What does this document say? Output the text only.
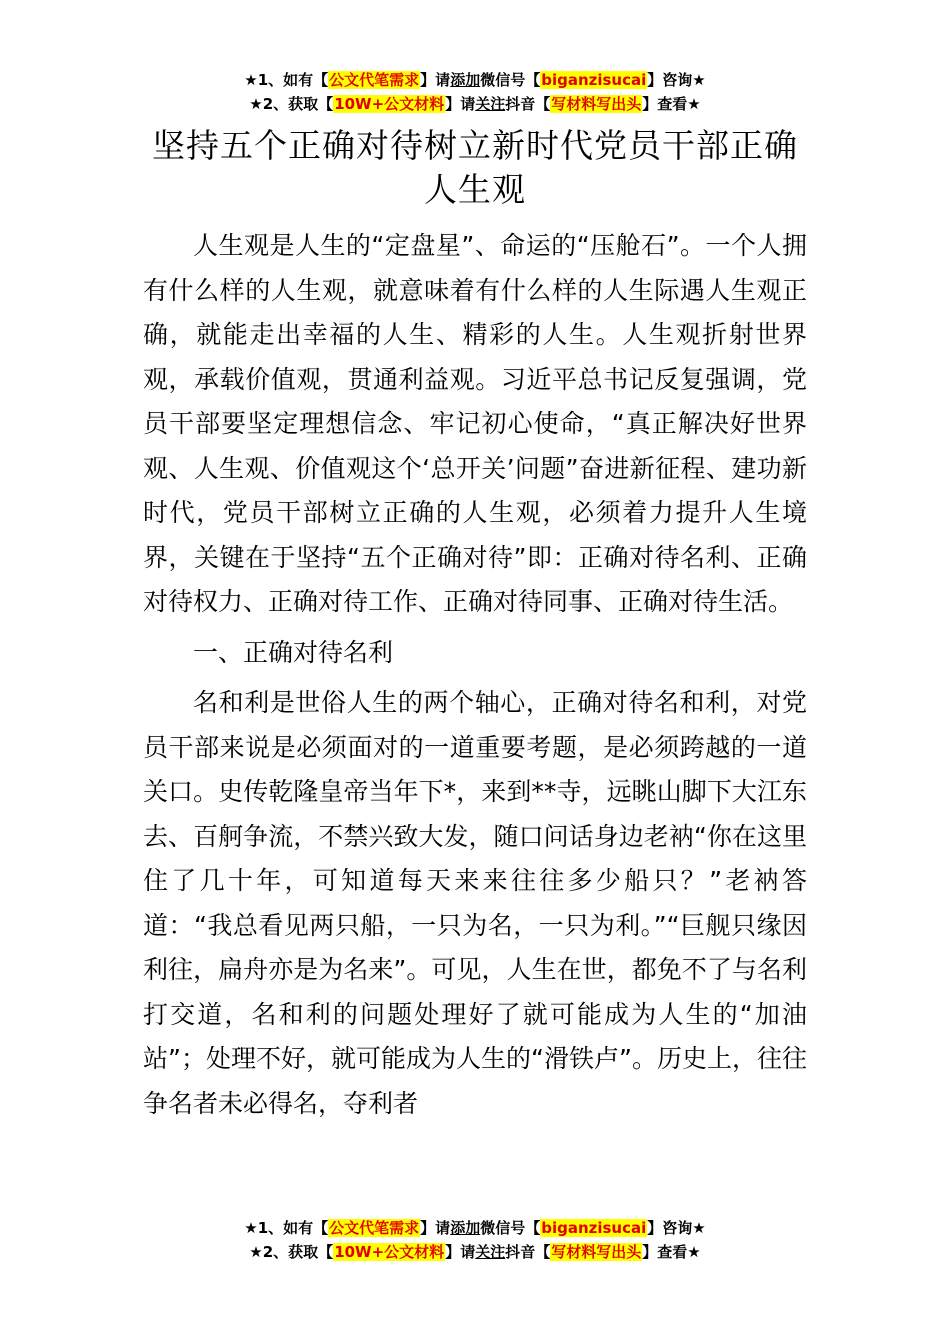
★1、如有【公文代笔需求】请添加微信号【biganzisucai】咨询★
★2、获取【10W+公文材料】请关注抖音【写材料写出头】查看★
坚持五个正确对待树立新时代党员干部正确人生观

人生观是人生的“定盘星”、命运的“压舱石”。一个人拥有什么样的人生观，就意味着有什么样的人生际遇人生观正确，就能走出幸福的人生、精彩的人生。人生观折射世界观，承载价值观，贯通利益观。习近平总书记反复强调，党员干部要坚定理想信念、牢记初心使命，“真正解决好世界观、人生观、价值观这个‘总开关’问题”奋进新征程、建功新时代，党员干部树立正确的人生观，必须着力提升人生境界，关键在于坚持“五个正确对待”即：正确对待名利、正确对待权力、正确对待工作、正确对待同事、正确对待生活。

一、正确对待名利

名和利是世俗人生的两个轴心，正确对待名和利，对党员干部来说是必须面对的一道重要考题，是必须跨越的一道关口。史传乾隆皇帝当年下*，来到**寺，远眺山脚下大江东去、百舸争流，不禁兴致大发，随口问话身边老衲“你在这里住了几十年，可知道每天来来往往多少船只？”老衲答道：“我总看见两只船，一只为名，一只为利。”“巨舰只缘因利往，扁舟亦是为名来”。可见，人生在世，都免不了与名利打交道，名和利的问题处理好了就可能成为人生的“加油站”；处理不好，就可能成为人生的“滑铁卢”。历史上，往往争名者未必得名，夺利者

★1、如有【公文代笔需求】请添加微信号【biganzisucai】咨询★
★2、获取【10W+公文材料】请关注抖音【写材料写出头】查看★
